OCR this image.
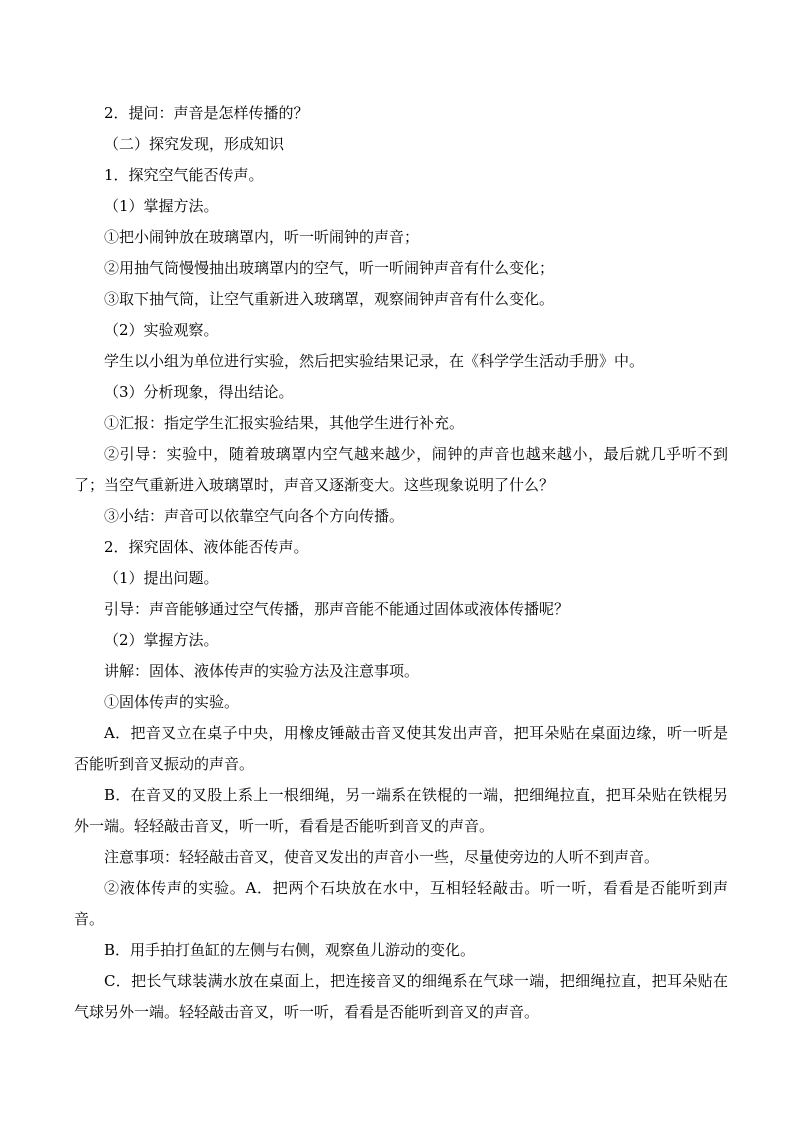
2．提问：声音是怎样传播的？

（二）探究发现，形成知识

1．探究空气能否传声。

（1）掌握方法。

①把小闹钟放在玻璃罩内，听一听闹钟的声音；

②用抽气筒慢慢抽出玻璃罩内的空气，听一听闹钟声音有什么变化；

③取下抽气筒，让空气重新进入玻璃罩，观察闹钟声音有什么变化。

（2）实验观察。

学生以小组为单位进行实验，然后把实验结果记录，在《科学学生活动手册》中。

（3）分析现象，得出结论。

①汇报：指定学生汇报实验结果，其他学生进行补充。

②引导：实验中，随着玻璃罩内空气越来越少，闹钟的声音也越来越小，最后就几乎听不到了；当空气重新进入玻璃罩时，声音又逐渐变大。这些现象说明了什么？

③小结：声音可以依靠空气向各个方向传播。

2．探究固体、液体能否传声。

（1）提出问题。

引导：声音能够通过空气传播，那声音能不能通过固体或液体传播呢？

（2）掌握方法。

讲解：固体、液体传声的实验方法及注意事项。

①固体传声的实验。

A．把音叉立在桌子中央，用橡皮锤敲击音叉使其发出声音，把耳朵贴在桌面边缘，听一听是否能听到音叉振动的声音。

B．在音叉的叉股上系上一根细绳，另一端系在铁棍的一端，把细绳拉直，把耳朵贴在铁棍另外一端。轻轻敲击音叉，听一听，看看是否能听到音叉的声音。

注意事项：轻轻敲击音叉，使音叉发出的声音小一些，尽量使旁边的人听不到声音。

②液体传声的实验。A．把两个石块放在水中，互相轻轻敲击。听一听，看看是否能听到声音。

B．用手拍打鱼缸的左侧与右侧，观察鱼儿游动的变化。

C．把长气球装满水放在桌面上，把连接音叉的细绳系在气球一端，把细绳拉直，把耳朵贴在气球另外一端。轻轻敲击音叉，听一听，看看是否能听到音叉的声音。
